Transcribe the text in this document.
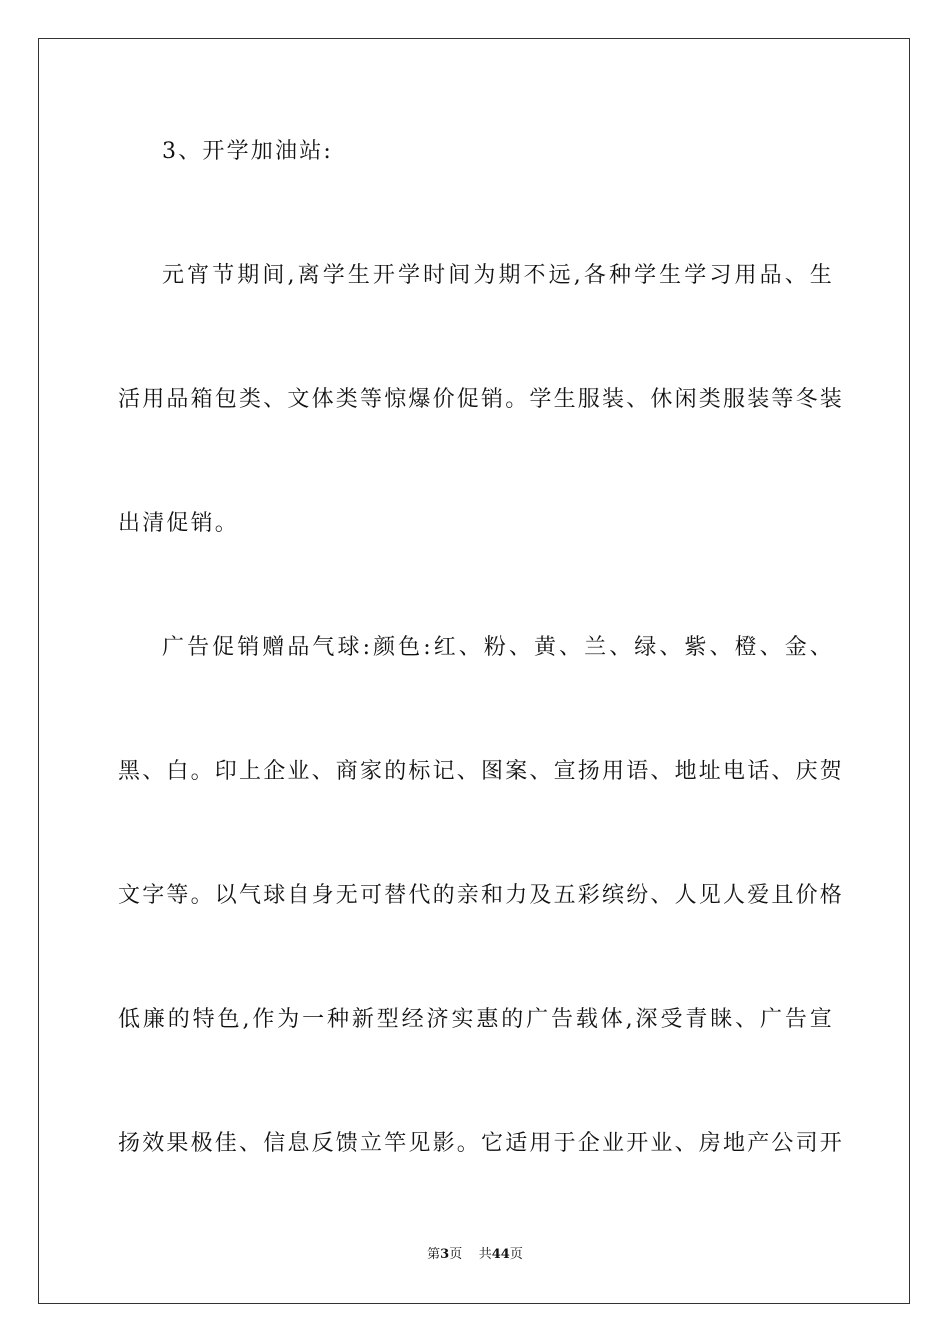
3、开学加油站:
元宵节期间,离学生开学时间为期不远,各种学生学习用品、生
活用品箱包类、文体类等惊爆价促销。学生服装、休闲类服装等冬装
出清促销。
广告促销赠品气球:颜色:红、粉、黄、兰、绿、紫、橙、金、
黑、白。印上企业、商家的标记、图案、宣扬用语、地址电话、庆贺
文字等。以气球自身无可替代的亲和力及五彩缤纷、人见人爱且价格
低廉的特色,作为一种新型经济实惠的广告载体,深受青睐、广告宣
扬效果极佳、信息反馈立竿见影。它适用于企业开业、房地产公司开
第3页 共44页
